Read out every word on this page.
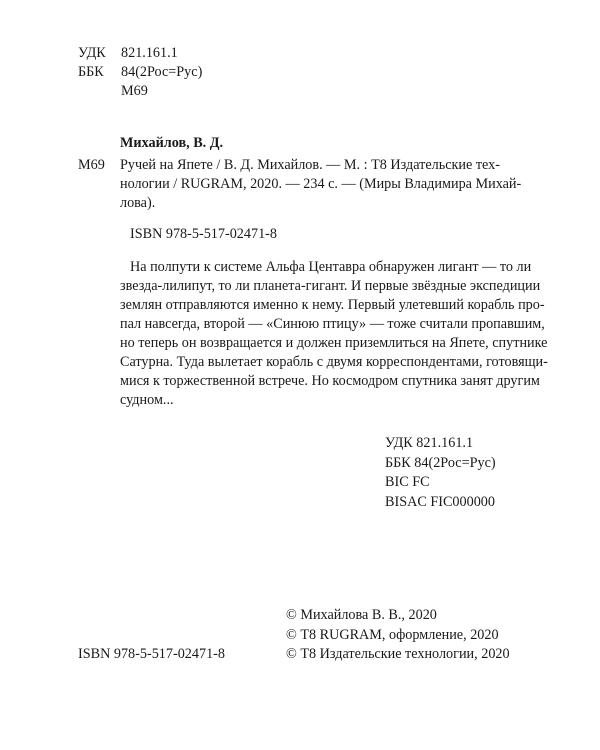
УДК 821.161.1
ББК 84(2Рос=Рус)
М69
Михайлов, В. Д.
М69 Ручей на Япете / В. Д. Михайлов. — М. : Т8 Издательские тех-
нологии / RUGRAM, 2020. — 234 с. — (Миры Владимира Михай-
лова).
ISBN 978-5-517-02471-8
На полпути к системе Альфа Центавра обнаружен лигант — то ли
звезда-лилипут, то ли планета-гигант. И первые звёздные экспедиции
землян отправляются именно к нему. Первый улетевший корабль про-
пал навсегда, второй — «Синюю птицу» — тоже считали пропавшим,
но теперь он возвращается и должен приземлиться на Япете, спутнике
Сатурна. Туда вылетает корабль с двумя корреспондентами, готовящи-
мися к торжественной встрече. Но космодром спутника занят другим
судном...
УДК 821.161.1
ББК 84(2Рос=Рус)
BIC FC
BISAC FIC000000
© Михайлова В. В., 2020
© Т8 RUGRAM, оформление, 2020
© Т8 Издательские технологии, 2020
ISBN 978-5-517-02471-8
